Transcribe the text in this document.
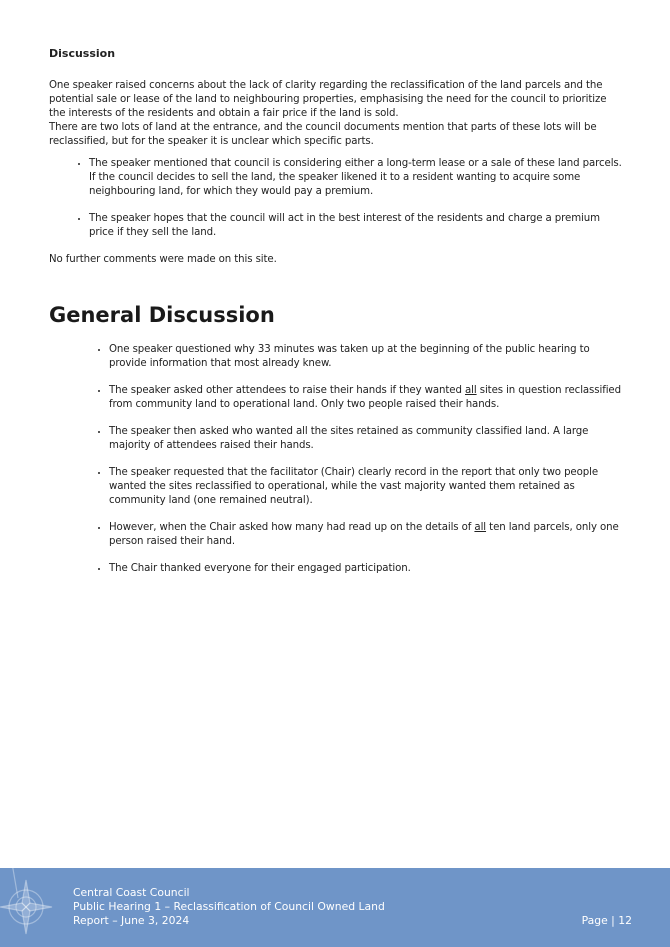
Discussion

One speaker raised concerns about the lack of clarity regarding the reclassification of the land parcels and the potential sale or lease of the land to neighbouring properties, emphasising the need for the council to prioritize the interests of the residents and obtain a fair price if the land is sold.

There are two lots of land at the entrance, and the council documents mention that parts of these lots will be reclassified, but for the speaker it is unclear which specific parts.

• The speaker mentioned that council is considering either a long-term lease or a sale of these land parcels. If the council decides to sell the land, the speaker likened it to a resident wanting to acquire some neighbouring land, for which they would pay a premium.
• The speaker hopes that the council will act in the best interest of the residents and charge a premium price if they sell the land.

No further comments were made on this site.

General Discussion
• One speaker questioned why 33 minutes was taken up at the beginning of the public hearing to provide information that most already knew.
• The speaker asked other attendees to raise their hands if they wanted all sites in question reclassified from community land to operational land. Only two people raised their hands.
• The speaker then asked who wanted all the sites retained as community classified land. A large majority of attendees raised their hands.
• The speaker requested that the facilitator (Chair) clearly record in the report that only two people wanted the sites reclassified to operational, while the vast majority wanted them retained as community land (one remained neutral).
• However, when the Chair asked how many had read up on the details of all ten land parcels, only one person raised their hand.
• The Chair thanked everyone for their engaged participation.
Central Coast Council
Public Hearing 1 – Reclassification of Council Owned Land
Report – June 3, 2024	Page | 12
